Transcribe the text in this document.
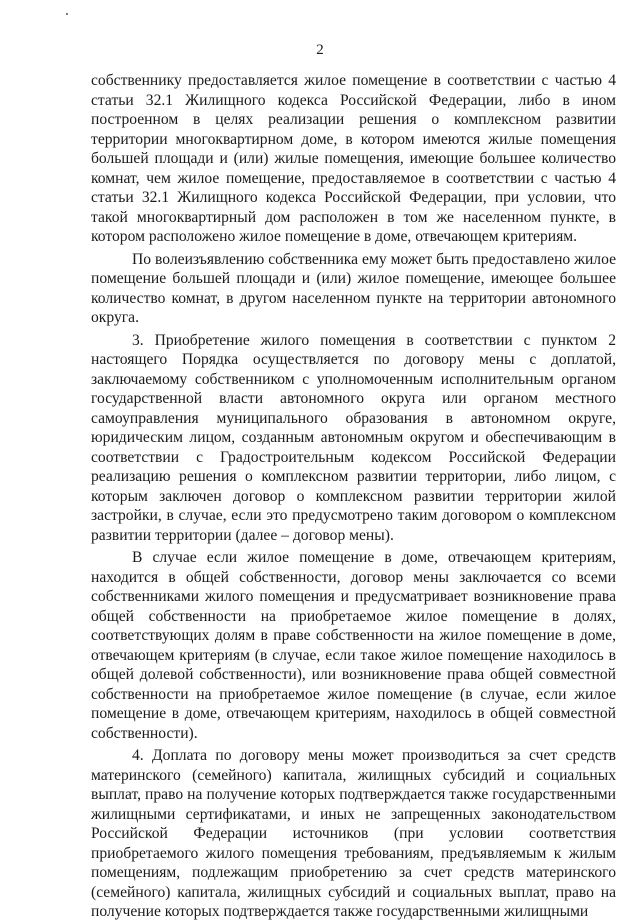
2

собственнику предоставляется жилое помещение в соответствии с частью 4 статьи 32.1 Жилищного кодекса Российской Федерации, либо в ином построенном в целях реализации решения о комплексном развитии территории многоквартирном доме, в котором имеются жилые помещения большей площади и (или) жилые помещения, имеющие большее количество комнат, чем жилое помещение, предоставляемое в соответствии с частью 4 статьи 32.1 Жилищного кодекса Российской Федерации, при условии, что такой многоквартирный дом расположен в том же населенном пункте, в котором расположено жилое помещение в доме, отвечающем критериям.

По волеизъявлению собственника ему может быть предоставлено жилое помещение большей площади и (или) жилое помещение, имеющее большее количество комнат, в другом населенном пункте на территории автономного округа.

3. Приобретение жилого помещения в соответствии с пунктом 2 настоящего Порядка осуществляется по договору мены с доплатой, заключаемому собственником с уполномоченным исполнительным органом государственной власти автономного округа или органом местного самоуправления муниципального образования в автономном округе, юридическим лицом, созданным автономным округом и обеспечивающим в соответствии с Градостроительным кодексом Российской Федерации реализацию решения о комплексном развитии территории, либо лицом, с которым заключен договор о комплексном развитии территории жилой застройки, в случае, если это предусмотрено таким договором о комплексном развитии территории (далее – договор мены).

В случае если жилое помещение в доме, отвечающем критериям, находится в общей собственности, договор мены заключается со всеми собственниками жилого помещения и предусматривает возникновение права общей собственности на приобретаемое жилое помещение в долях, соответствующих долям в праве собственности на жилое помещение в доме, отвечающем критериям (в случае, если такое жилое помещение находилось в общей долевой собственности), или возникновение права общей совместной собственности на приобретаемое жилое помещение (в случае, если жилое помещение в доме, отвечающем критериям, находилось в общей совместной собственности).

4. Доплата по договору мены может производиться за счет средств материнского (семейного) капитала, жилищных субсидий и социальных выплат, право на получение которых подтверждается также государственными жилищными сертификатами, и иных не запрещенных законодательством Российской Федерации источников (при условии соответствия приобретаемого жилого помещения требованиям, предъявляемым к жилым помещениям, подлежащим приобретению за счет средств материнского (семейного) капитала, жилищных субсидий и социальных выплат, право на получение которых подтверждается также государственными жилищными
